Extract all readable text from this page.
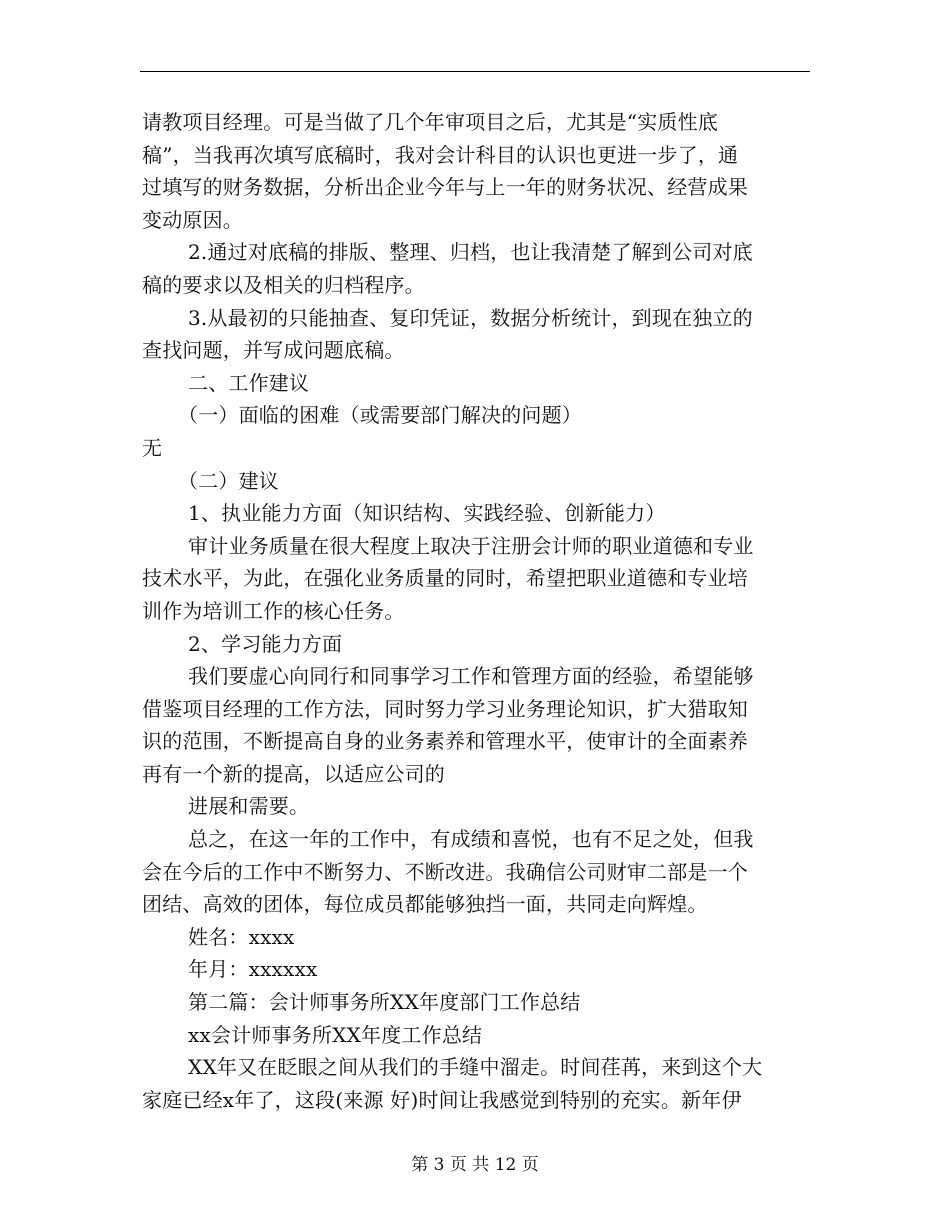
请教项目经理。可是当做了几个年审项目之后，尤其是“实质性底
稿”，当我再次填写底稿时，我对会计科目的认识也更进一步了，通
过填写的财务数据，分析出企业今年与上一年的财务状况、经营成果
变动原因。
2.通过对底稿的排版、整理、归档，也让我清楚了解到公司对底
稿的要求以及相关的归档程序。
3.从最初的只能抽查、复印凭证，数据分析统计，到现在独立的
查找问题，并写成问题底稿。
二、工作建议
（一）面临的困难（或需要部门解决的问题）
无
（二）建议
1、执业能力方面（知识结构、实践经验、创新能力）
审计业务质量在很大程度上取决于注册会计师的职业道德和专业
技术水平，为此，在强化业务质量的同时，希望把职业道德和专业培
训作为培训工作的核心任务。
2、学习能力方面
我们要虚心向同行和同事学习工作和管理方面的经验，希望能够
借鉴项目经理的工作方法，同时努力学习业务理论知识，扩大猎取知
识的范围，不断提高自身的业务素养和管理水平，使审计的全面素养
再有一个新的提高，以适应公司的
进展和需要。
总之，在这一年的工作中，有成绩和喜悦，也有不足之处，但我
会在今后的工作中不断努力、不断改进。我确信公司财审二部是一个
团结、高效的团体，每位成员都能够独挡一面，共同走向辉煌。
姓名：xxxx
年月：xxxxxx
第二篇：会计师事务所XX年度部门工作总结
xx会计师事务所XX年度工作总结
XX年又在眨眼之间从我们的手缝中溜走。时间荏苒，来到这个大
家庭已经x年了，这段(来源 好)时间让我感觉到特别的充实。新年伊
第 3 页 共 12 页
